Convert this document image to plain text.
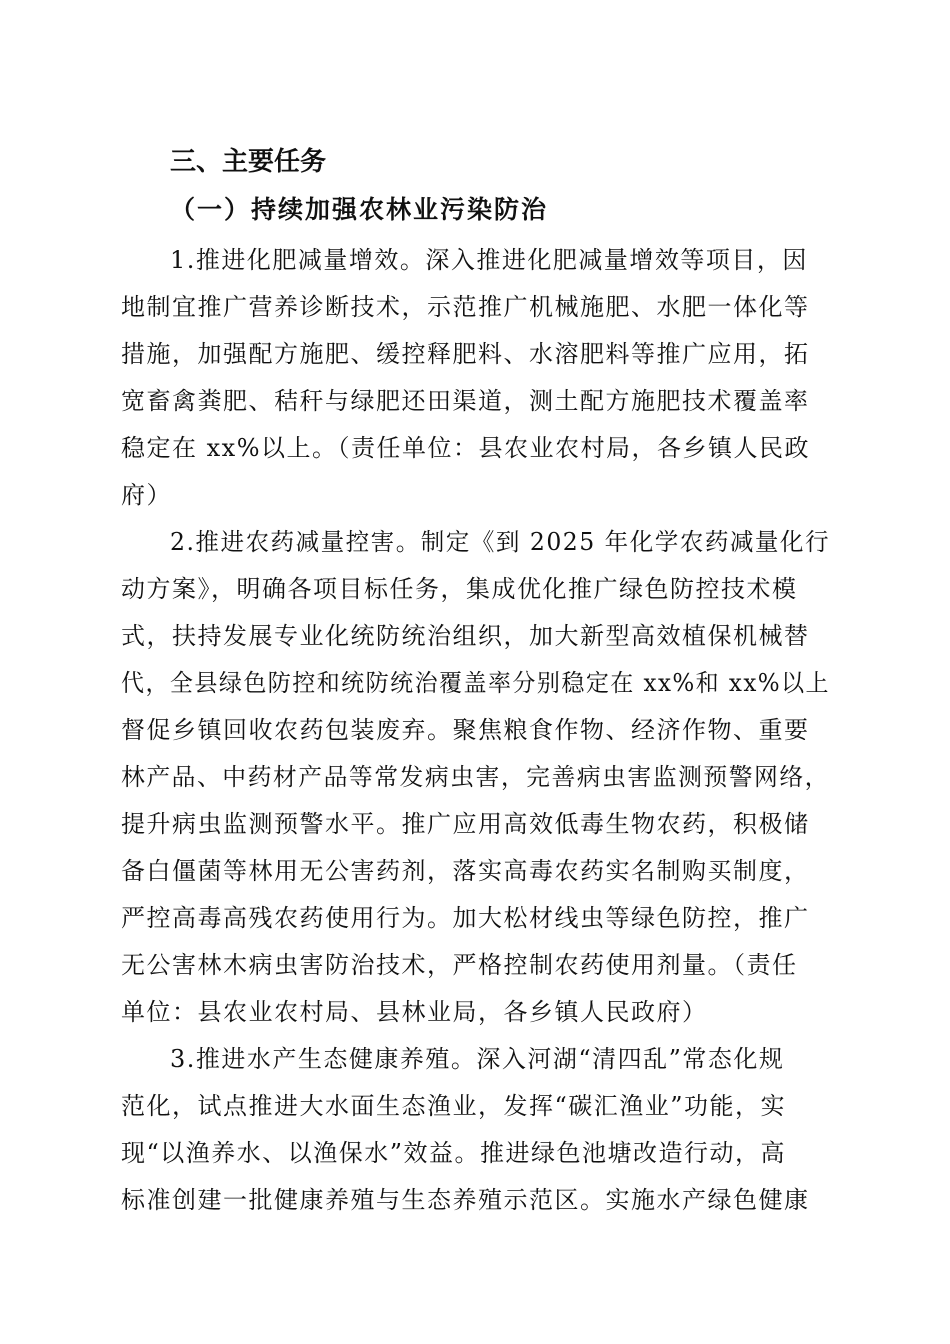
三、主要任务
（一）持续加强农林业污染防治
1.推进化肥减量增效。深入推进化肥减量增效等项目，因
地制宜推广营养诊断技术，示范推广机械施肥、水肥一体化等
措施，加强配方施肥、缓控释肥料、水溶肥料等推广应用，拓
宽畜禽粪肥、秸秆与绿肥还田渠道，测土配方施肥技术覆盖率
稳定在 xx%以上。（责任单位：县农业农村局，各乡镇人民政
府）
2.推进农药减量控害。制定《到 2025 年化学农药减量化行
动方案》，明确各项目标任务，集成优化推广绿色防控技术模
式，扶持发展专业化统防统治组织，加大新型高效植保机械替
代，全县绿色防控和统防统治覆盖率分别稳定在 xx%和 xx%以上
督促乡镇回收农药包装废弃。聚焦粮食作物、经济作物、重要
林产品、中药材产品等常发病虫害，完善病虫害监测预警网络，
提升病虫监测预警水平。推广应用高效低毒生物农药，积极储
备白僵菌等林用无公害药剂，落实高毒农药实名制购买制度，
严控高毒高残农药使用行为。加大松材线虫等绿色防控，推广
无公害林木病虫害防治技术，严格控制农药使用剂量。（责任
单位：县农业农村局、县林业局，各乡镇人民政府）
3.推进水产生态健康养殖。深入河湖“清四乱”常态化规
范化，试点推进大水面生态渔业，发挥“碳汇渔业”功能，实
现“以渔养水、以渔保水”效益。推进绿色池塘改造行动，高
标准创建一批健康养殖与生态养殖示范区。实施水产绿色健康
